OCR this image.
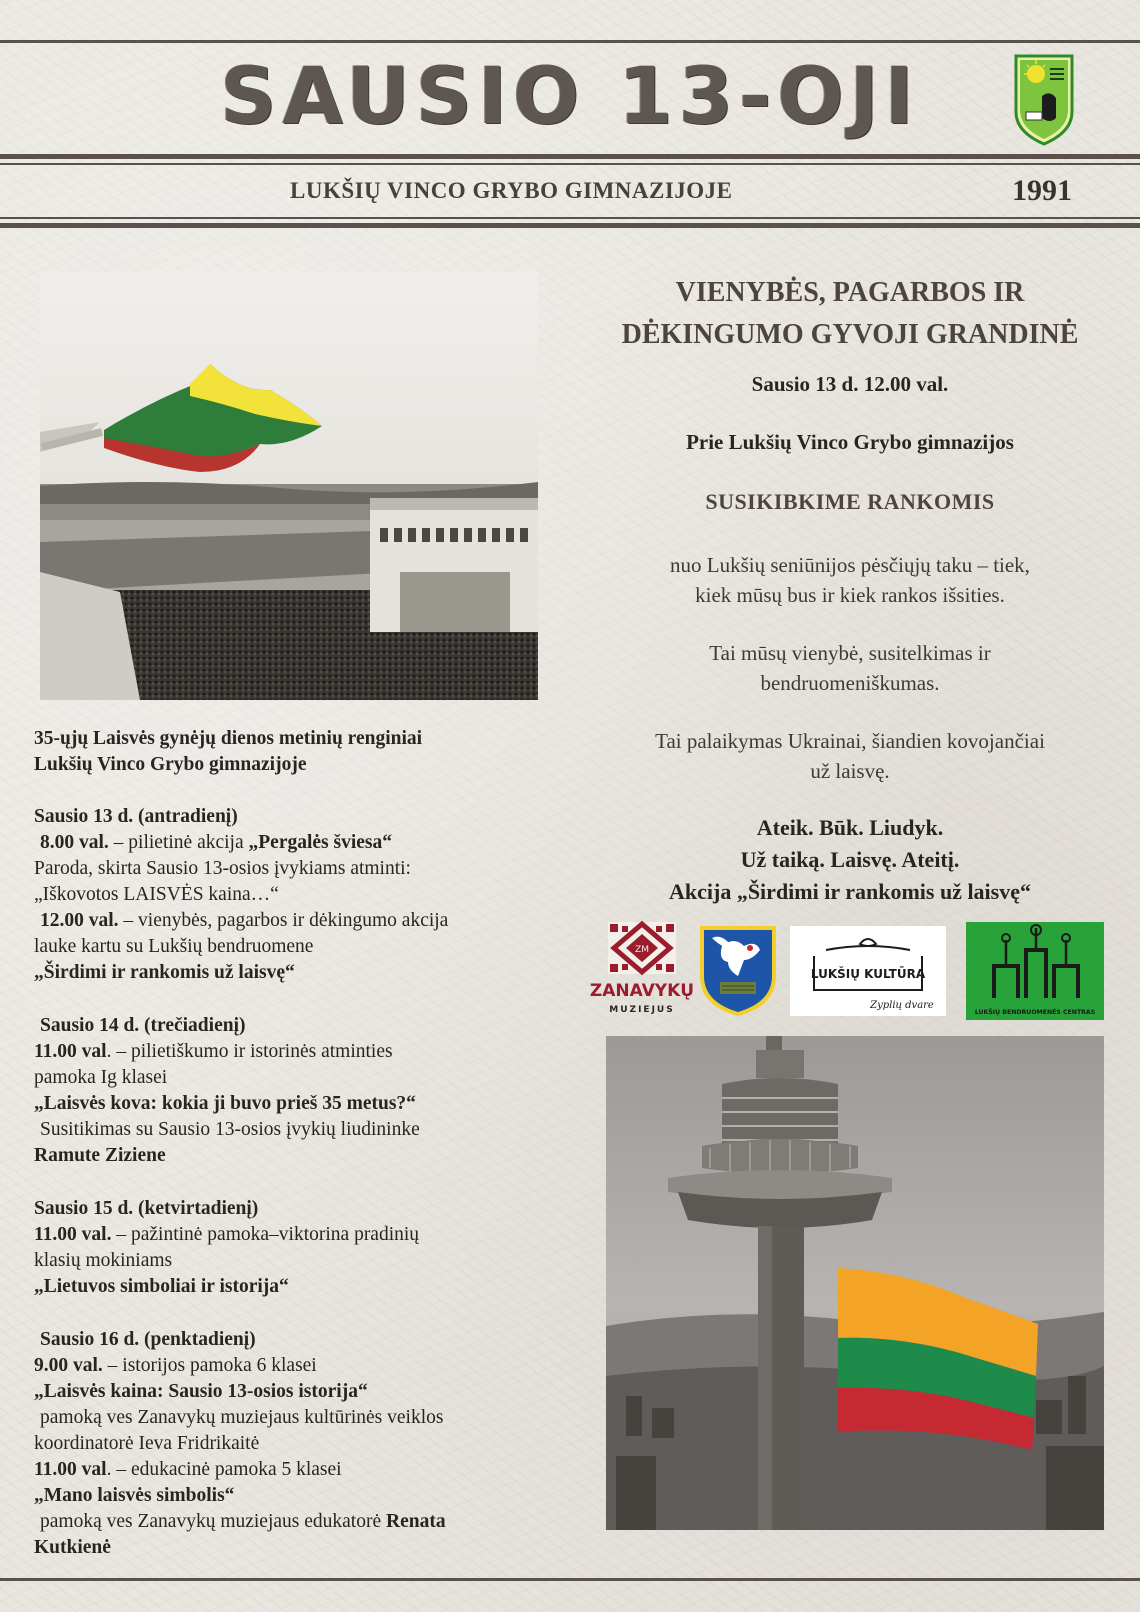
SAUSIO 13-OJI
LUKŠIŲ VINCO GRYBO GIMNAZIJOJE	1991
VIENYBĖS, PAGARBOS IR
DĖKINGUMO GYVOJI GRANDINĖ
Sausio 13 d. 12.00 val.
Prie Lukšių Vinco Grybo gimnazijos
SUSIKIBKIME RANKOMIS
nuo Lukšių seniūnijos pėsčiųjų taku – tiek,
kiek mūsų bus ir kiek rankos išsities.
Tai mūsų vienybė, susitelkimas ir
bendruomeniškumas.
Tai palaikymas Ukrainai, šiandien kovojančiai
už laisvę.
Ateik. Būk. Liudyk.
Už taiką. Laisvę. Ateitį.
Akcija „Širdimi ir rankomis už laisvę“
ZM
ZANAVYKŲ
MUZIEJUS
LUKŠIŲ KULTŪRA
Zyplių dvare
LUKŠIŲ BENDRUOMENĖS CENTRAS
35-ųjų Laisvės gynėjų dienos metinių renginiai
Lukšių Vinco Grybo gimnazijoje
Sausio 13 d. (antradienį)
8.00 val. – pilietinė akcija „Pergalės šviesa“
Paroda, skirta Sausio 13-osios įvykiams atminti:
„Iškovotos LAISVĖS kaina…“
12.00 val. – vienybės, pagarbos ir dėkingumo akcija
lauke kartu su Lukšių bendruomene
„Širdimi ir rankomis už laisvę“
Sausio 14 d. (trečiadienį)
11.00 val. – pilietiškumo ir istorinės atminties
pamoka Ig klasei
„Laisvės kova: kokia ji buvo prieš 35 metus?“
Susitikimas su Sausio 13-osios įvykių liudininke
Ramute Ziziene
Sausio 15 d. (ketvirtadienį)
11.00 val. – pažintinė pamoka–viktorina pradinių
klasių mokiniams
„Lietuvos simboliai ir istorija“
Sausio 16 d. (penktadienį)
9.00 val. – istorijos pamoka 6 klasei
„Laisvės kaina: Sausio 13-osios istorija“
pamoką ves Zanavykų muziejaus kultūrinės veiklos
koordinatorė Ieva Fridrikaitė
11.00 val. – edukacinė pamoka 5 klasei
„Mano laisvės simbolis“
pamoką ves Zanavykų muziejaus edukatorė Renata
Kutkienė
